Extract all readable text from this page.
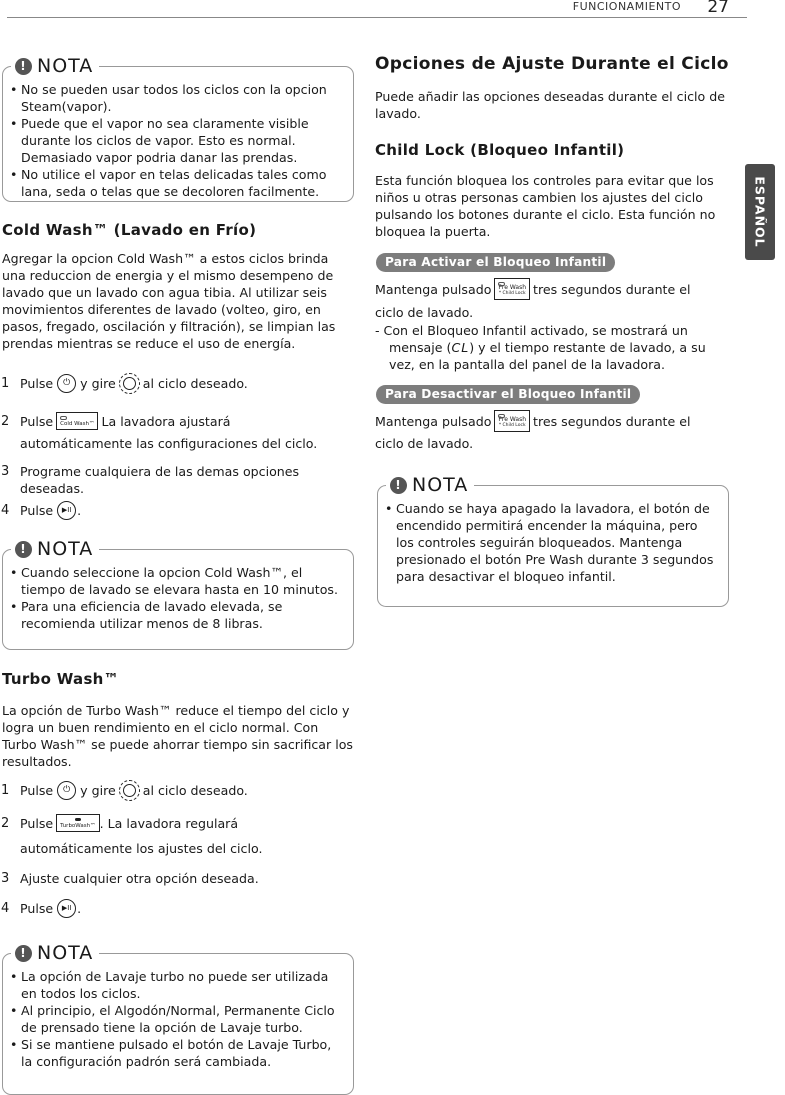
FUNCIONAMIENTO 27
ESPAÑOL
! NOTA
• No se pueden usar todos los ciclos con la opcion Steam(vapor).
• Puede que el vapor no sea claramente visible durante los ciclos de vapor. Esto es normal. Demasiado vapor podria danar las prendas.
• No utilice el vapor en telas delicadas tales como lana, seda o telas que se decoloren facilmente.
Cold Wash™ (Lavado en Frío)

Agregar la opcion Cold Wash™ a estos ciclos brinda una reduccion de energia y el mismo desempeno de lavado que un lavado con agua tibia. Al utilizar seis movimientos diferentes de lavado (volteo, giro, en pasos, fregado, oscilación y filtración), se limpian las prendas mientras se reduce el uso de energía.

1 Pulse	⏻ y gire al ciclo deseado.
2 Pulse	Cold Wash™ La lavadora ajustará
automáticamente las configuraciones del ciclo.
3 Programe cualquiera de las demas opciones deseadas.
4 Pulse	▶II .
! NOTA
• Cuando seleccione la opcion Cold Wash™, el tiempo de lavado se elevara hasta en 10 minutos.
• Para una eficiencia de lavado elevada, se recomienda utilizar menos de 8 libras.
Turbo Wash™

La opción de Turbo Wash™ reduce el tiempo del ciclo y logra un buen rendimiento en el ciclo normal. Con Turbo Wash™ se puede ahorrar tiempo sin sacrificar los resultados.

1 Pulse	⏻ y gire al ciclo deseado.
2 Pulse	TurboWash™ . La lavadora regulará
automáticamente los ajustes del ciclo.
3 Ajuste cualquier otra opción deseada.
4 Pulse	▶II .
! NOTA
• La opción de Lavaje turbo no puede ser utilizada en todos los ciclos.
• Al principio, el Algodón/Normal, Permanente Ciclo de prensado tiene la opción de Lavaje turbo.
• Si se mantiene pulsado el botón de Lavaje Turbo, la configuración padrón será cambiada.
Opciones de Ajuste Durante el Ciclo

Puede añadir las opciones deseadas durante el ciclo de lavado.

Child Lock (Bloqueo Infantil)

Esta función bloquea los controles para evitar que los niños u otras personas cambien los ajustes del ciclo pulsando los botones durante el ciclo. Esta función no bloquea la puerta.

Para Activar el Bloqueo Infantil
Mantenga pulsado Pre Wash
* Child Lock tres segundos durante el
ciclo de lavado.
- Con el Bloqueo Infantil activado, se mostrará un
mensaje (CL) y el tiempo restante de lavado, a su
vez, en la pantalla del panel de la lavadora.
Para Desactivar el Bloqueo Infantil
Mantenga pulsado Pre Wash
* Child Lock tres segundos durante el
ciclo de lavado.
! NOTA
• Cuando se haya apagado la lavadora, el botón de encendido permitirá encender la máquina, pero los controles seguirán bloqueados. Mantenga presionado el botón Pre Wash durante 3 segundos para desactivar el bloqueo infantil.
